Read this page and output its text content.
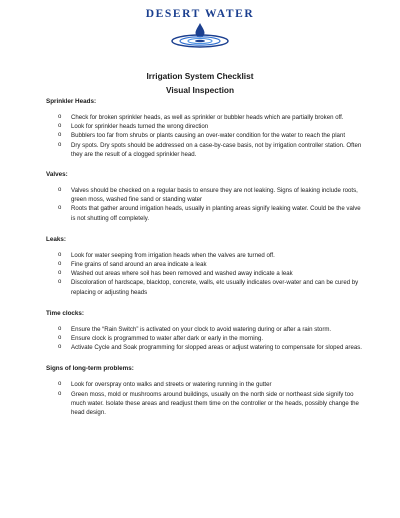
DESERT WATER
Irrigation System Checklist
Visual Inspection

Sprinkler Heads:

o Check for broken sprinkler heads, as well as sprinkler or bubbler heads which are partially broken off.
o Look for sprinkler heads turned the wrong direction
o Bubblers too far from shrubs or plants causing an over-water condition for the water to reach the plant
o Dry spots. Dry spots should be addressed on a case-by-case basis, not by irrigation controller station. Often they are the result of a clogged sprinkler head.

Valves:

o Valves should be checked on a regular basis to ensure they are not leaking. Signs of leaking include roots, green moss, washed fine sand or standing water
o Roots that gather around irrigation heads, usually in planting areas signify leaking water. Could be the valve is not shutting off completely.

Leaks:

o Look for water seeping from irrigation heads when the valves are turned off.
o Fine grains of sand around an area indicate a leak
o Washed out areas where soil has been removed and washed away indicate a leak
o Discoloration of hardscape, blacktop, concrete, walls, etc usually indicates over-water and can be cured by replacing or adjusting heads

Time clocks:

o Ensure the “Rain Switch” is activated on your clock to avoid watering during or after a rain storm.
o Ensure clock is programmed to water after dark or early in the morning.
o Activate Cycle and Soak programming for slopped areas or adjust watering to compensate for sloped areas.

Signs of long-term problems:

o Look for overspray onto walks and streets or watering running in the gutter
o Green moss, mold or mushrooms around buildings, usually on the north side or northeast side signify too much water. Isolate these areas and readjust them time on the controller or the heads, possibly change the head design.
